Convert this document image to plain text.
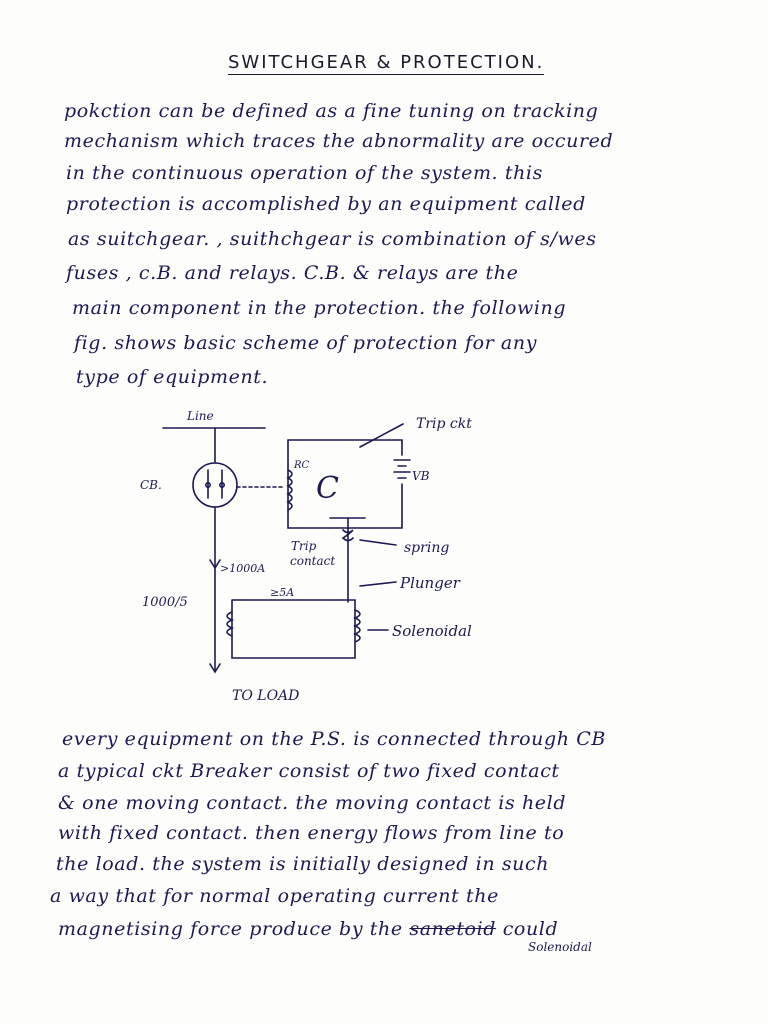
SWITCHGEAR & PROTECTION.
pokction can be defined as a fine tuning on tracking
mechanism which traces the abnormality are occured
in the continuous operation of the system. this
protection is accomplished by an equipment called
as suitchgear. , suithchgear is combination of s/wes
fuses , c.B. and relays. C.B. & relays are the
main component in the protection. the following
fig. shows basic scheme of protection for any
type of equipment.
Line
CB.
RC
C	VB
Trip ckt
Trip
contact
spring
>1000A
≥5A
Plunger
1000/5
Solenoidal
TO LOAD
every equipment on the P.S. is connected through CB
a typical ckt Breaker consist of two fixed contact
& one moving contact. the moving contact is held
with fixed contact. then energy flows from line to
the load. the system is initially designed in such
a way that for normal operating current the
magnetising force produce by the sanetoid could
Solenoidal
